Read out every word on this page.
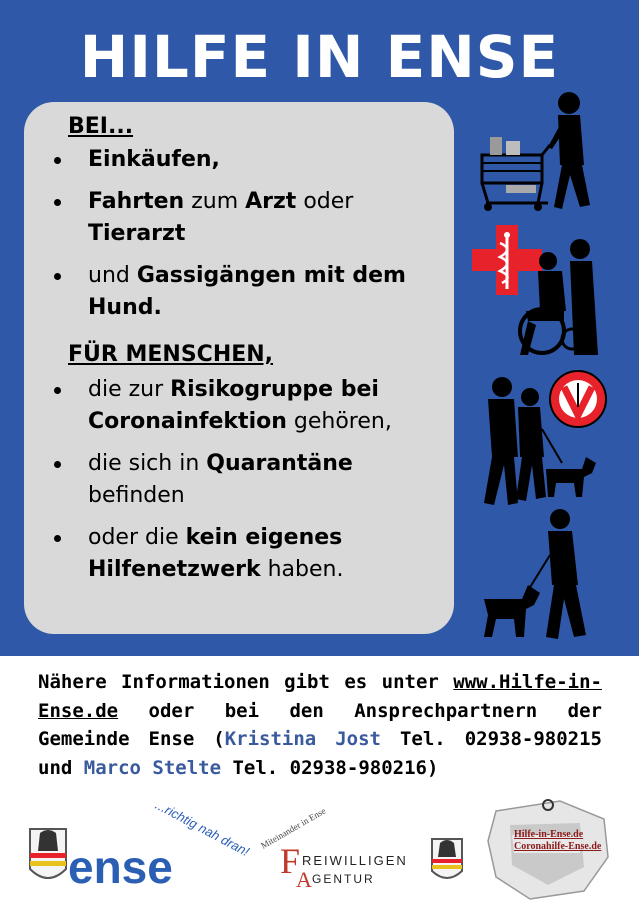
HILFE IN ENSE
BEI...
Einkäufen,
Fahrten zum Arzt oder Tierarzt
und Gassigängen mit dem Hund.
FÜR MENSCHEN,
die zur Risikogruppe bei Coronainfektion gehören,
die sich in Quarantäne befinden
oder die kein eigenes Hilfenetzwerk haben.
Nähere Informationen gibt es unter www.Hilfe-in-Ense.de oder bei den Ansprechpartnern der Gemeinde Ense (Kristina Jost Tel. 02938-980215 und Marco Stelte Tel. 02938-980216)
ense
...richtig nah dran! Miteinander in Ense
F REIWILLIGEN
A GENTUR
Hilfe-in-Ense.de
Coronahilfe-Ense.de
